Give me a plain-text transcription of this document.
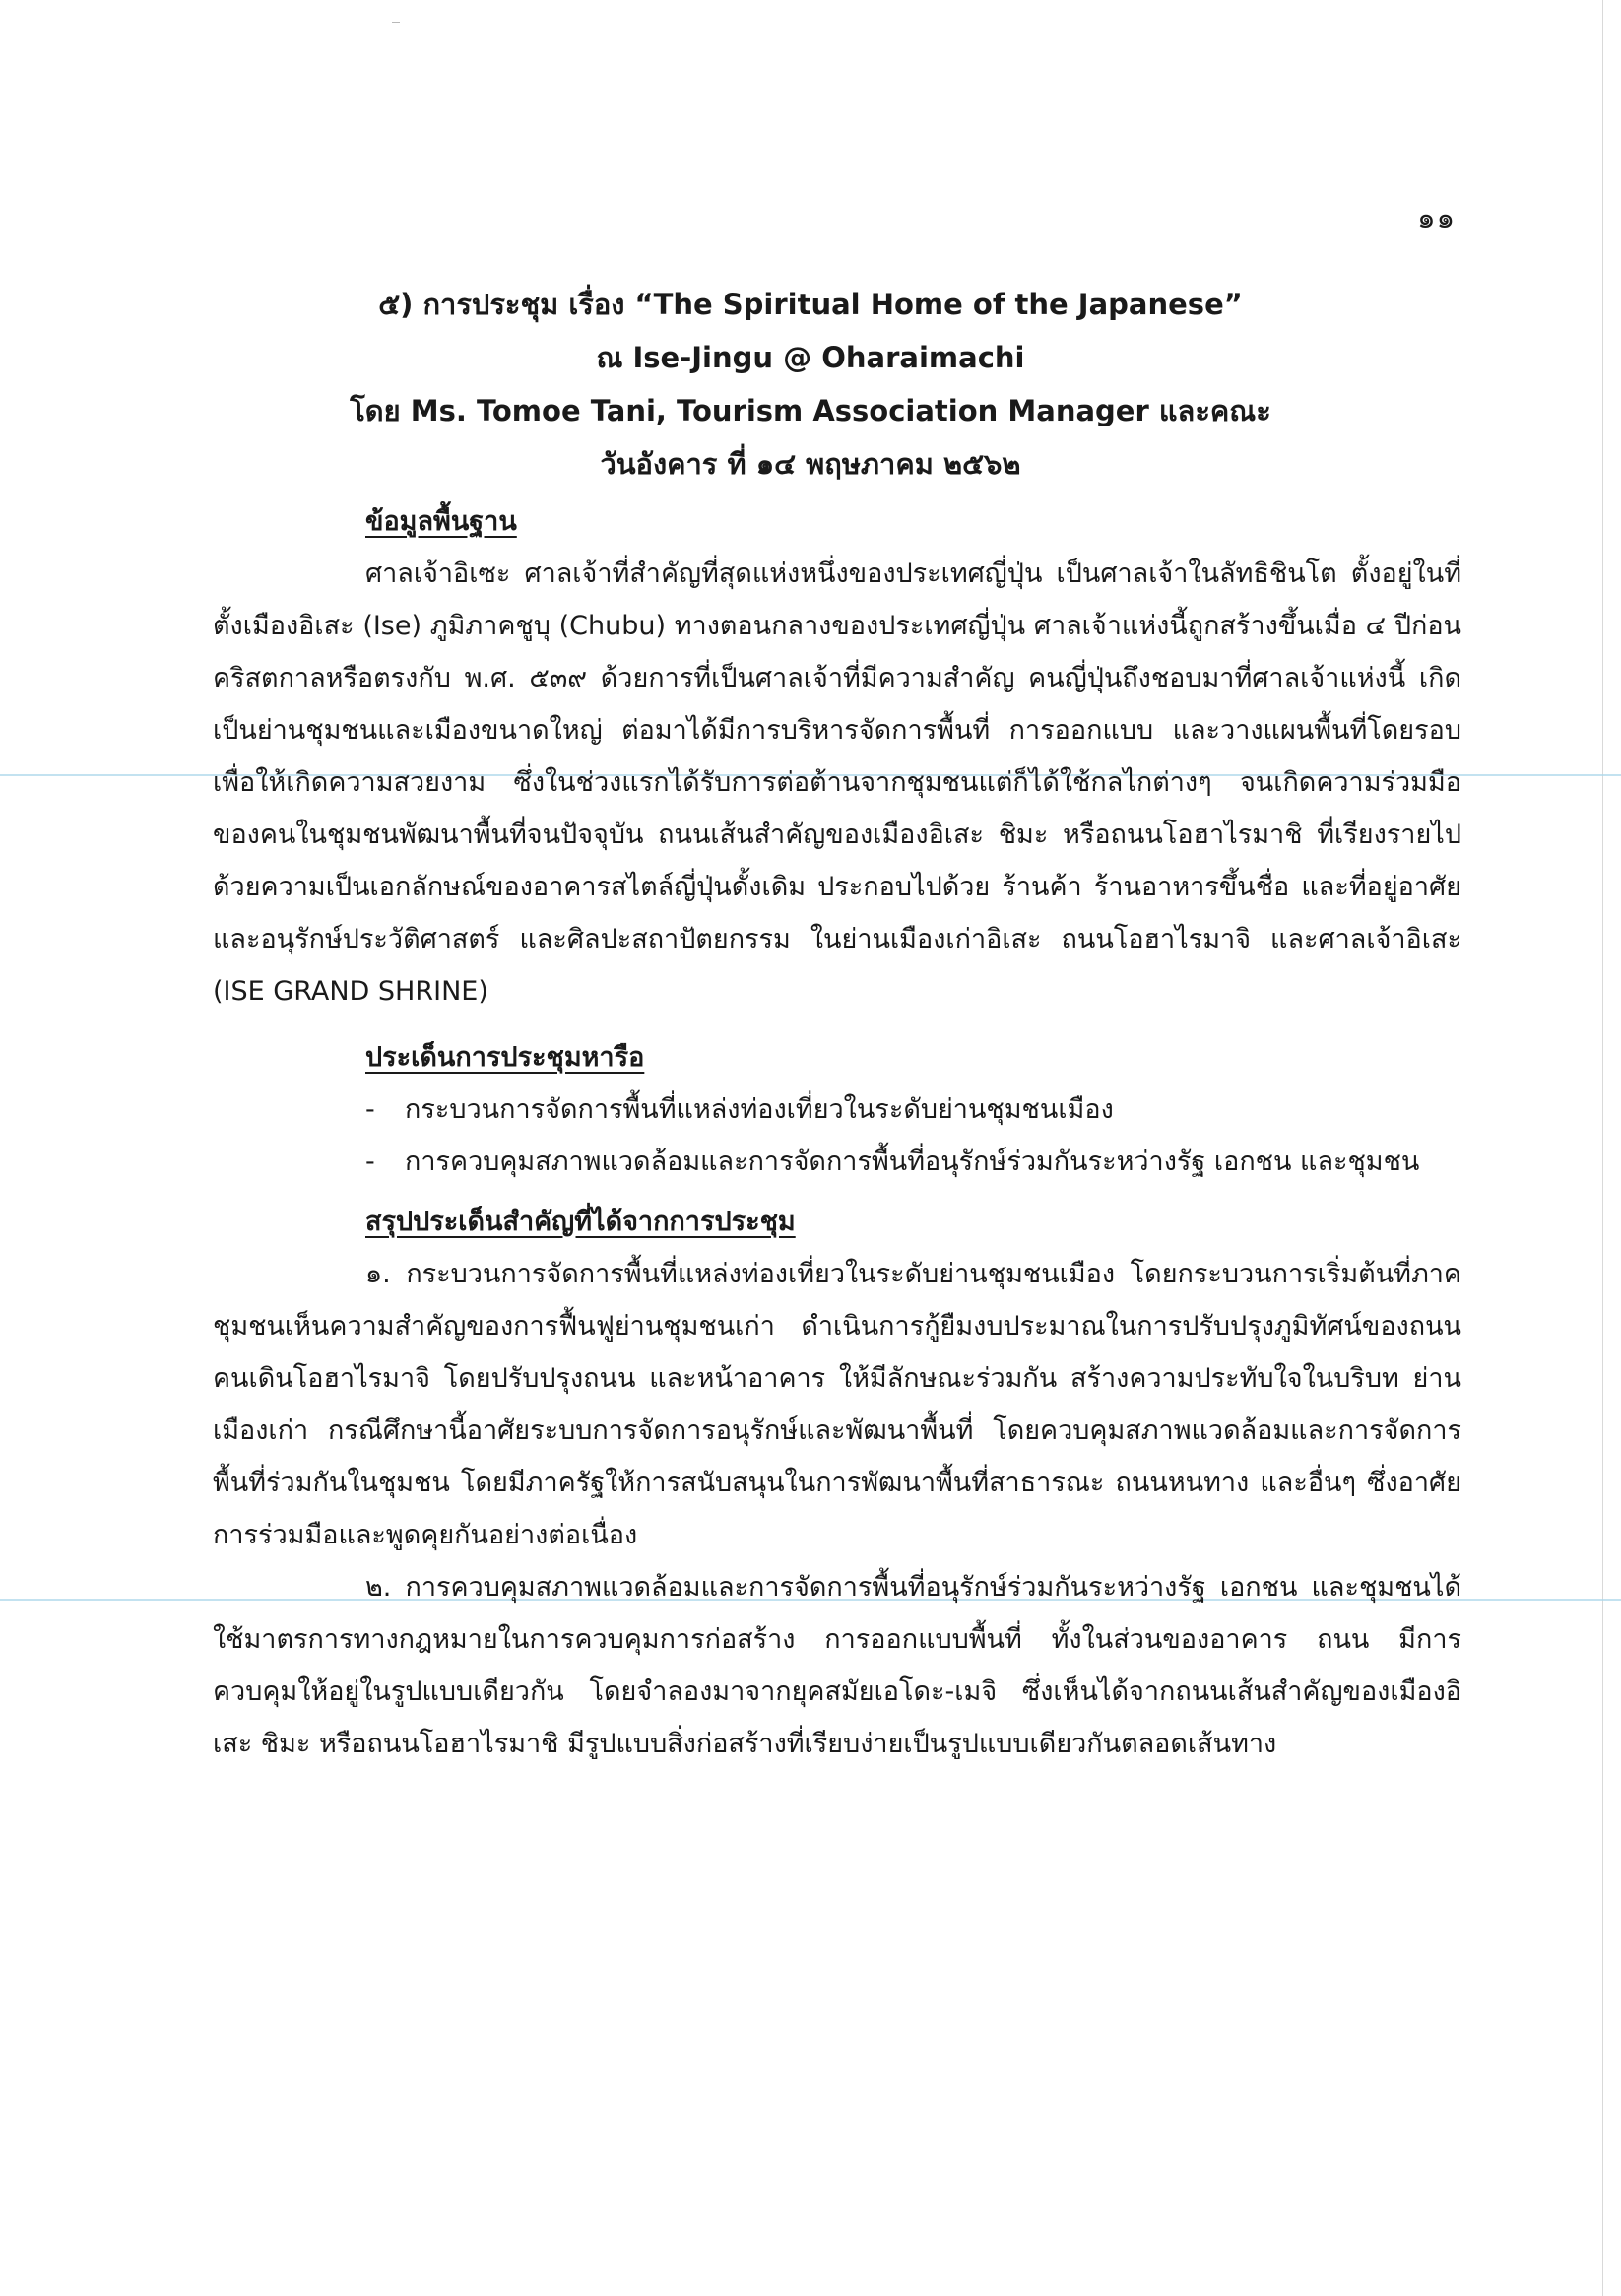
๑๑
๕) การประชุม เรื่อง “The Spiritual Home of the Japanese”
ณ Ise-Jingu @ Oharaimachi
โดย Ms. Tomoe Tani, Tourism Association Manager และคณะ
วันอังคาร ที่ ๑๔ พฤษภาคม ๒๕๖๒
ข้อมูลพื้นฐาน

ศาลเจ้าอิเซะ ศาลเจ้าที่สำคัญที่สุดแห่งหนึ่งของประเทศญี่ปุ่น เป็นศาลเจ้าในลัทธิชินโต ตั้งอยู่ในที่ตั้งเมืองอิเสะ (Ise) ภูมิภาคชูบุ (Chubu) ทางตอนกลางของประเทศญี่ปุ่น ศาลเจ้าแห่งนี้ถูกสร้างขึ้นเมื่อ ๔ ปีก่อนคริสตกาลหรือตรงกับ พ.ศ. ๕๓๙ ด้วยการที่เป็นศาลเจ้าที่มีความสำคัญ คนญี่ปุ่นถึงชอบมาที่ศาลเจ้าแห่งนี้ เกิดเป็นย่านชุมชนและเมืองขนาดใหญ่ ต่อมาได้มีการบริหารจัดการพื้นที่ การออกแบบ และวางแผนพื้นที่โดยรอบเพื่อให้เกิดความสวยงาม ซึ่งในช่วงแรกได้รับการต่อต้านจากชุมชนแต่ก็ได้ใช้กลไกต่างๆ จนเกิดความร่วมมือของคนในชุมชนพัฒนาพื้นที่จนปัจจุบัน ถนนเส้นสำคัญของเมืองอิเสะ ชิมะ หรือถนนโอฮาไรมาชิ ที่เรียงรายไปด้วยความเป็นเอกลักษณ์ของอาคารสไตล์ญี่ปุ่นดั้งเดิม ประกอบไปด้วย ร้านค้า ร้านอาหารขึ้นชื่อ และที่อยู่อาศัย และอนุรักษ์ประวัติศาสตร์ และศิลปะสถาปัตยกรรม ในย่านเมืองเก่าอิเสะ ถนนโอฮาไรมาจิ และศาลเจ้าอิเสะ (ISE GRAND SHRINE)

ประเด็นการประชุมหารือ
-	กระบวนการจัดการพื้นที่แหล่งท่องเที่ยวในระดับย่านชุมชนเมือง
-	การควบคุมสภาพแวดล้อมและการจัดการพื้นที่อนุรักษ์ร่วมกันระหว่างรัฐ เอกชน และชุมชน
สรุปประเด็นสำคัญที่ได้จากการประชุม

๑. กระบวนการจัดการพื้นที่แหล่งท่องเที่ยวในระดับย่านชุมชนเมือง โดยกระบวนการเริ่มต้นที่ภาคชุมชนเห็นความสำคัญของการฟื้นฟูย่านชุมชนเก่า ดำเนินการกู้ยืมงบประมาณในการปรับปรุงภูมิทัศน์ของถนนคนเดินโอฮาไรมาจิ โดยปรับปรุงถนน และหน้าอาคาร ให้มีลักษณะร่วมกัน สร้างความประทับใจในบริบท ย่านเมืองเก่า กรณีศึกษานี้อาศัยระบบการจัดการอนุรักษ์และพัฒนาพื้นที่ โดยควบคุมสภาพแวดล้อมและการจัดการพื้นที่ร่วมกันในชุมชน โดยมีภาครัฐให้การสนับสนุนในการพัฒนาพื้นที่สาธารณะ ถนนหนทาง และอื่นๆ ซึ่งอาศัยการร่วมมือและพูดคุยกันอย่างต่อเนื่อง

๒. การควบคุมสภาพแวดล้อมและการจัดการพื้นที่อนุรักษ์ร่วมกันระหว่างรัฐ เอกชน และชุมชนได้ใช้มาตรการทางกฎหมายในการควบคุมการก่อสร้าง การออกแบบพื้นที่ ทั้งในส่วนของอาคาร ถนน มีการควบคุมให้อยู่ในรูปแบบเดียวกัน โดยจำลองมาจากยุคสมัยเอโดะ-เมจิ ซึ่งเห็นได้จากถนนเส้นสำคัญของเมืองอิเสะ ชิมะ หรือถนนโอฮาไรมาชิ มีรูปแบบสิ่งก่อสร้างที่เรียบง่ายเป็นรูปแบบเดียวกันตลอดเส้นทาง
